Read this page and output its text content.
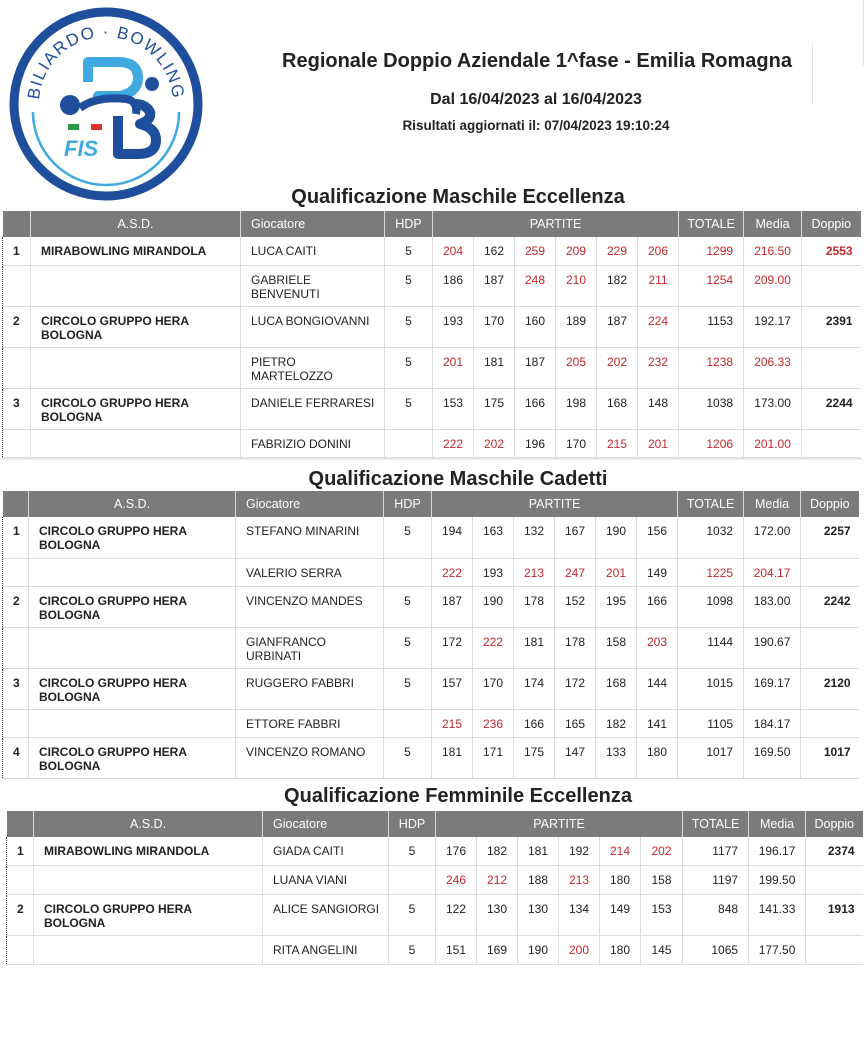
BILIARDO · BOWLING
FIS
Regionale Doppio Aziendale 1^fase - Emilia Romagna
Dal 16/04/2023 al 16/04/2023
Risultati aggiornati il: 07/04/2023 19:10:24
Qualificazione Maschile Eccellenza
	A.S.D.	Giocatore	HDP	PARTITE						TOTALE	Media	Doppio
1	MIRABOWLING MIRANDOLA	LUCA CAITI	5	204	162	259	209	229	206	1299	216.50	2553
		GABRIELE BENVENUTI	5	186	187	248	210	182	211	1254	209.00	
2	CIRCOLO GRUPPO HERA BOLOGNA	LUCA BONGIOVANNI	5	193	170	160	189	187	224	1153	192.17	2391
		PIETRO MARTELOZZO	5	201	181	187	205	202	232	1238	206.33	
3	CIRCOLO GRUPPO HERA BOLOGNA	DANIELE FERRARESI	5	153	175	166	198	168	148	1038	173.00	2244
		FABRIZIO DONINI		222	202	196	170	215	201	1206	201.00	
Qualificazione Maschile Cadetti
	A.S.D.	Giocatore	HDP	PARTITE						TOTALE	Media	Doppio
1	CIRCOLO GRUPPO HERA BOLOGNA	STEFANO MINARINI	5	194	163	132	167	190	156	1032	172.00	2257
		VALERIO SERRA		222	193	213	247	201	149	1225	204.17	
2	CIRCOLO GRUPPO HERA BOLOGNA	VINCENZO MANDES	5	187	190	178	152	195	166	1098	183.00	2242
		GIANFRANCO URBINATI	5	172	222	181	178	158	203	1144	190.67	
3	CIRCOLO GRUPPO HERA BOLOGNA	RUGGERO FABBRI	5	157	170	174	172	168	144	1015	169.17	2120
		ETTORE FABBRI		215	236	166	165	182	141	1105	184.17	
4	CIRCOLO GRUPPO HERA BOLOGNA	VINCENZO ROMANO	5	181	171	175	147	133	180	1017	169.50	1017
Qualificazione Femminile Eccellenza
	A.S.D.	Giocatore	HDP	PARTITE						TOTALE	Media	Doppio
1	MIRABOWLING MIRANDOLA	GIADA CAITI	5	176	182	181	192	214	202	1177	196.17	2374
		LUANA VIANI		246	212	188	213	180	158	1197	199.50	
2	CIRCOLO GRUPPO HERA BOLOGNA	ALICE SANGIORGI	5	122	130	130	134	149	153	848	141.33	1913
		RITA ANGELINI	5	151	169	190	200	180	145	1065	177.50	
